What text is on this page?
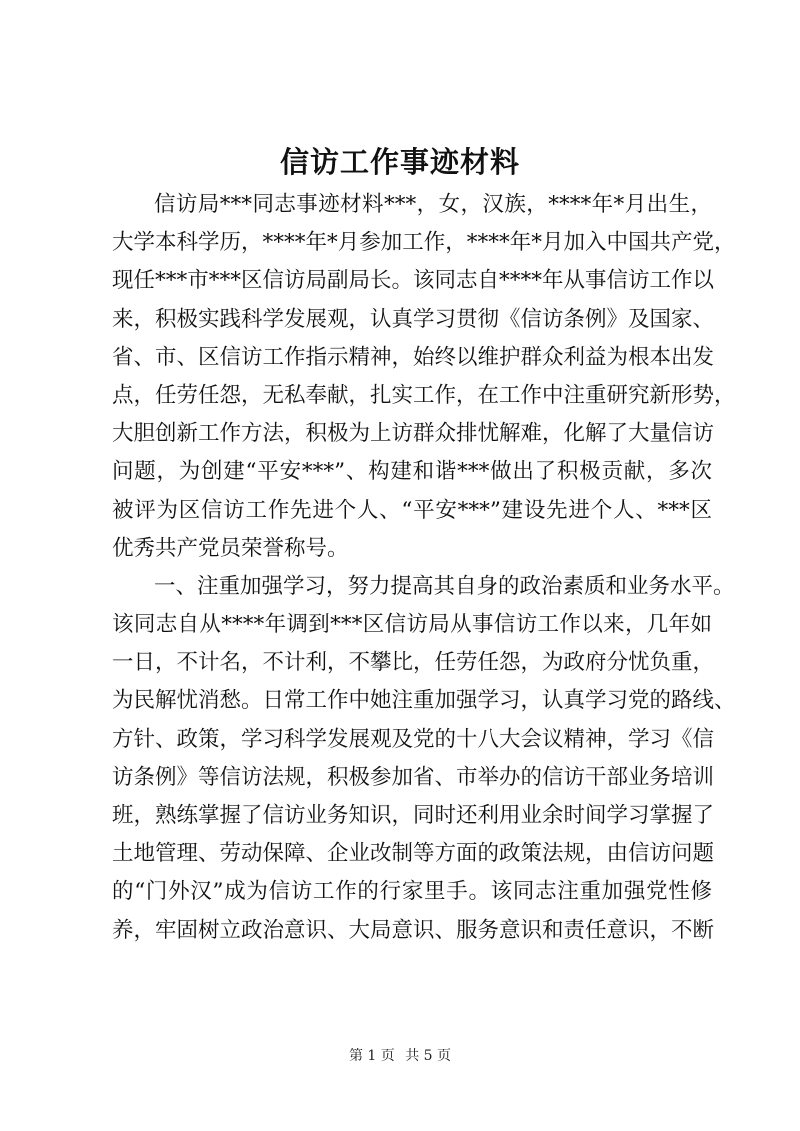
信访工作事迹材料
信访局***同志事迹材料***，女，汉族，****年*月出生，
大学本科学历，****年*月参加工作，****年*月加入中国共产党，
现任***市***区信访局副局长。该同志自****年从事信访工作以
来，积极实践科学发展观，认真学习贯彻《信访条例》及国家、
省、市、区信访工作指示精神，始终以维护群众利益为根本出发
点，任劳任怨，无私奉献，扎实工作，在工作中注重研究新形势，
大胆创新工作方法，积极为上访群众排忧解难，化解了大量信访
问题，为创建“平安***”、构建和谐***做出了积极贡献，多次
被评为区信访工作先进个人、“平安***”建设先进个人、***区
优秀共产党员荣誉称号。
一、注重加强学习，努力提高其自身的政治素质和业务水平。
该同志自从****年调到***区信访局从事信访工作以来，几年如
一日，不计名，不计利，不攀比，任劳任怨，为政府分忧负重，
为民解忧消愁。日常工作中她注重加强学习，认真学习党的路线、
方针、政策，学习科学发展观及党的十八大会议精神，学习《信
访条例》等信访法规，积极参加省、市举办的信访干部业务培训
班，熟练掌握了信访业务知识，同时还利用业余时间学习掌握了
土地管理、劳动保障、企业改制等方面的政策法规，由信访问题
的“门外汉”成为信访工作的行家里手。该同志注重加强党性修
养，牢固树立政治意识、大局意识、服务意识和责任意识，不断
第 1 页 共 5 页
